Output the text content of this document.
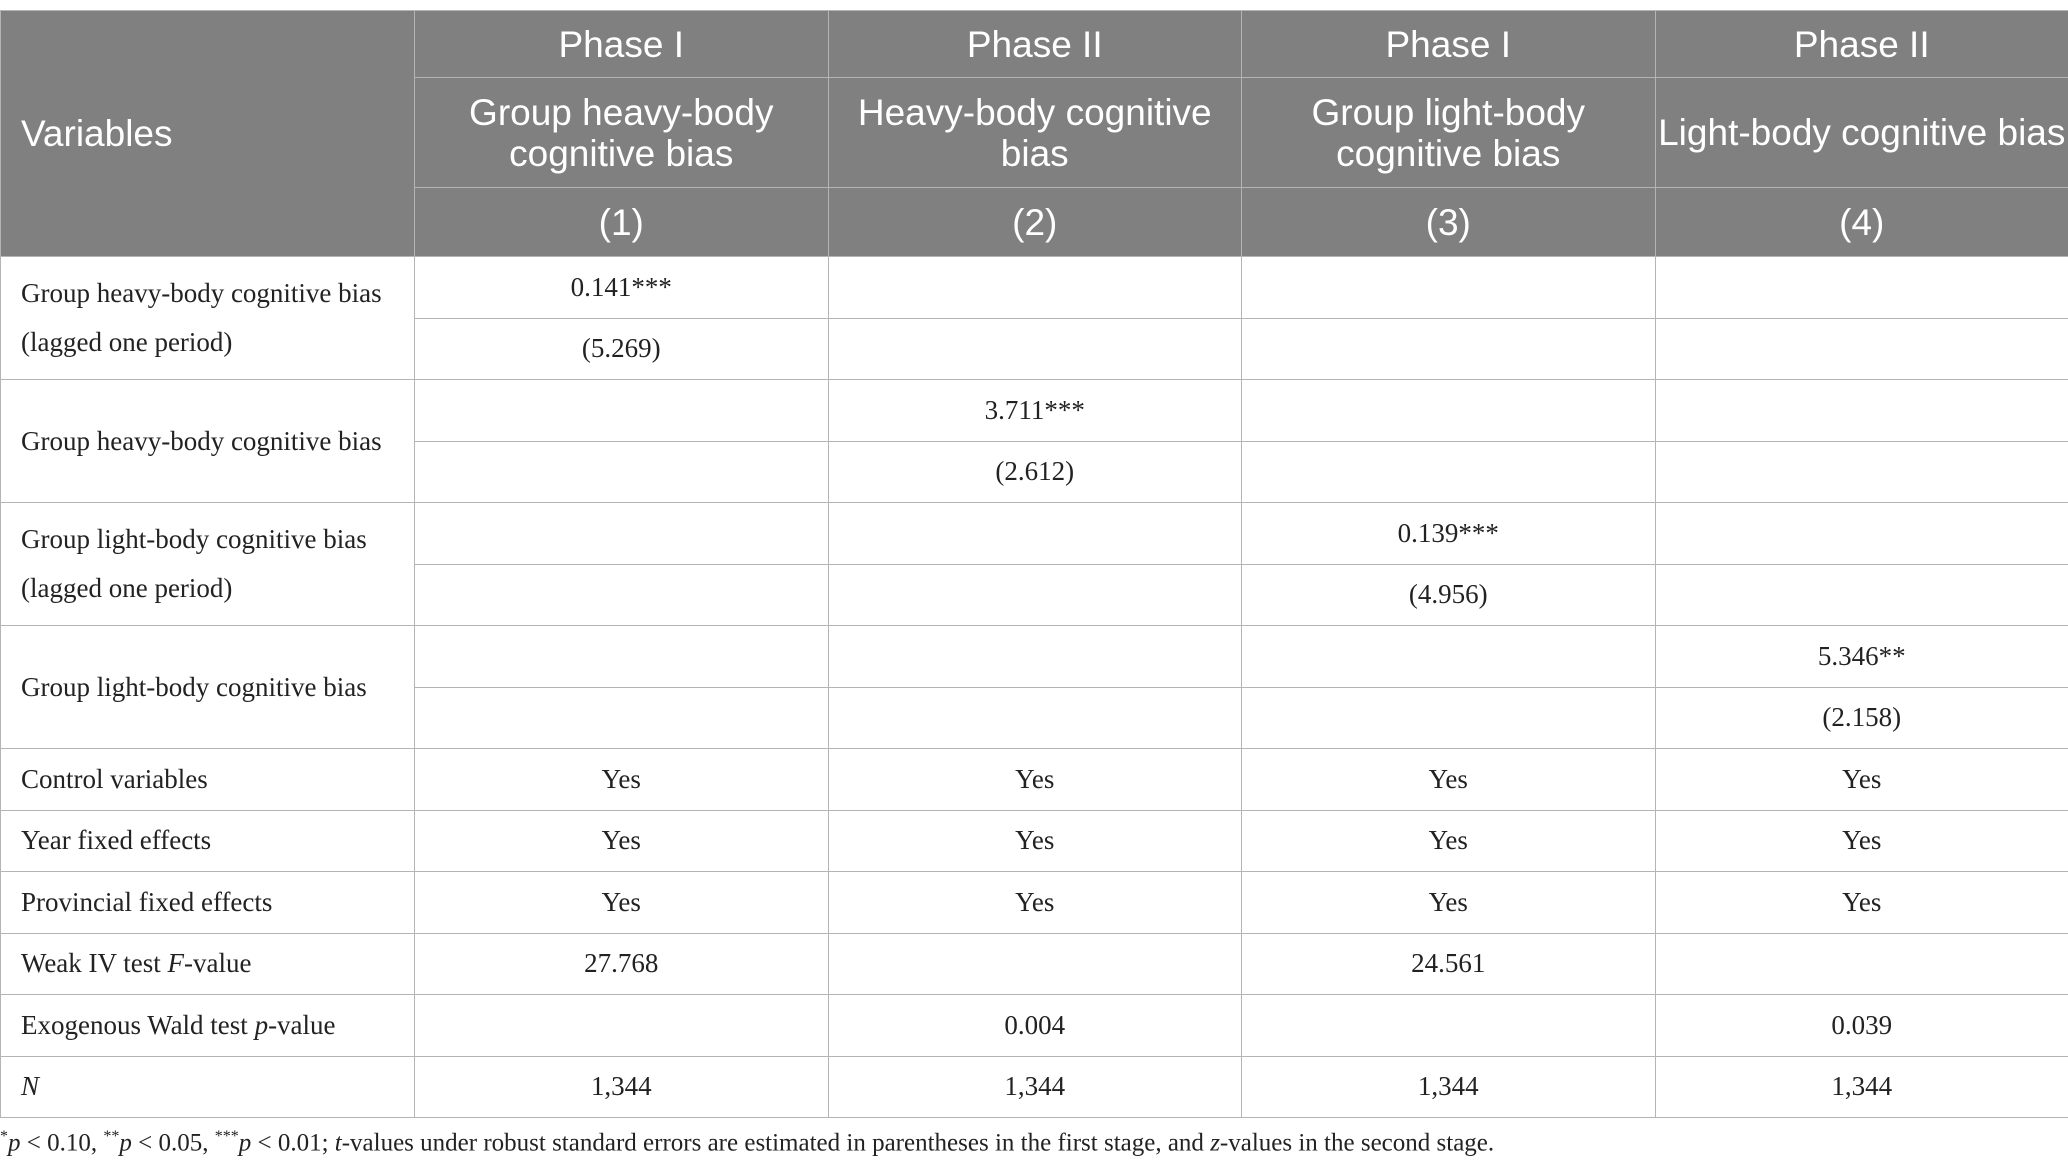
Variables	Phase I	Phase II	Phase I	Phase II
	Group heavy-body cognitive bias	Heavy-body cognitive bias	Group light-body cognitive bias	Light-body cognitive bias
	(1)	(2)	(3)	(4)
Group heavy-body cognitive bias (lagged one period)	0.141***			
	(5.269)			
Group heavy-body cognitive bias		3.711***		
		(2.612)		
Group light-body cognitive bias (lagged one period)			0.139***	
			(4.956)	
Group light-body cognitive bias				5.346**
				(2.158)
Control variables	Yes	Yes	Yes	Yes
Year fixed effects	Yes	Yes	Yes	Yes
Provincial fixed effects	Yes	Yes	Yes	Yes
Weak IV test F-value	27.768		24.561	
Exogenous Wald test p-value		0.004		0.039
N	1,344	1,344	1,344	1,344
*p < 0.10, **p < 0.05, ***p < 0.01; t-values under robust standard errors are estimated in parentheses in the first stage, and z-values in the second stage.
